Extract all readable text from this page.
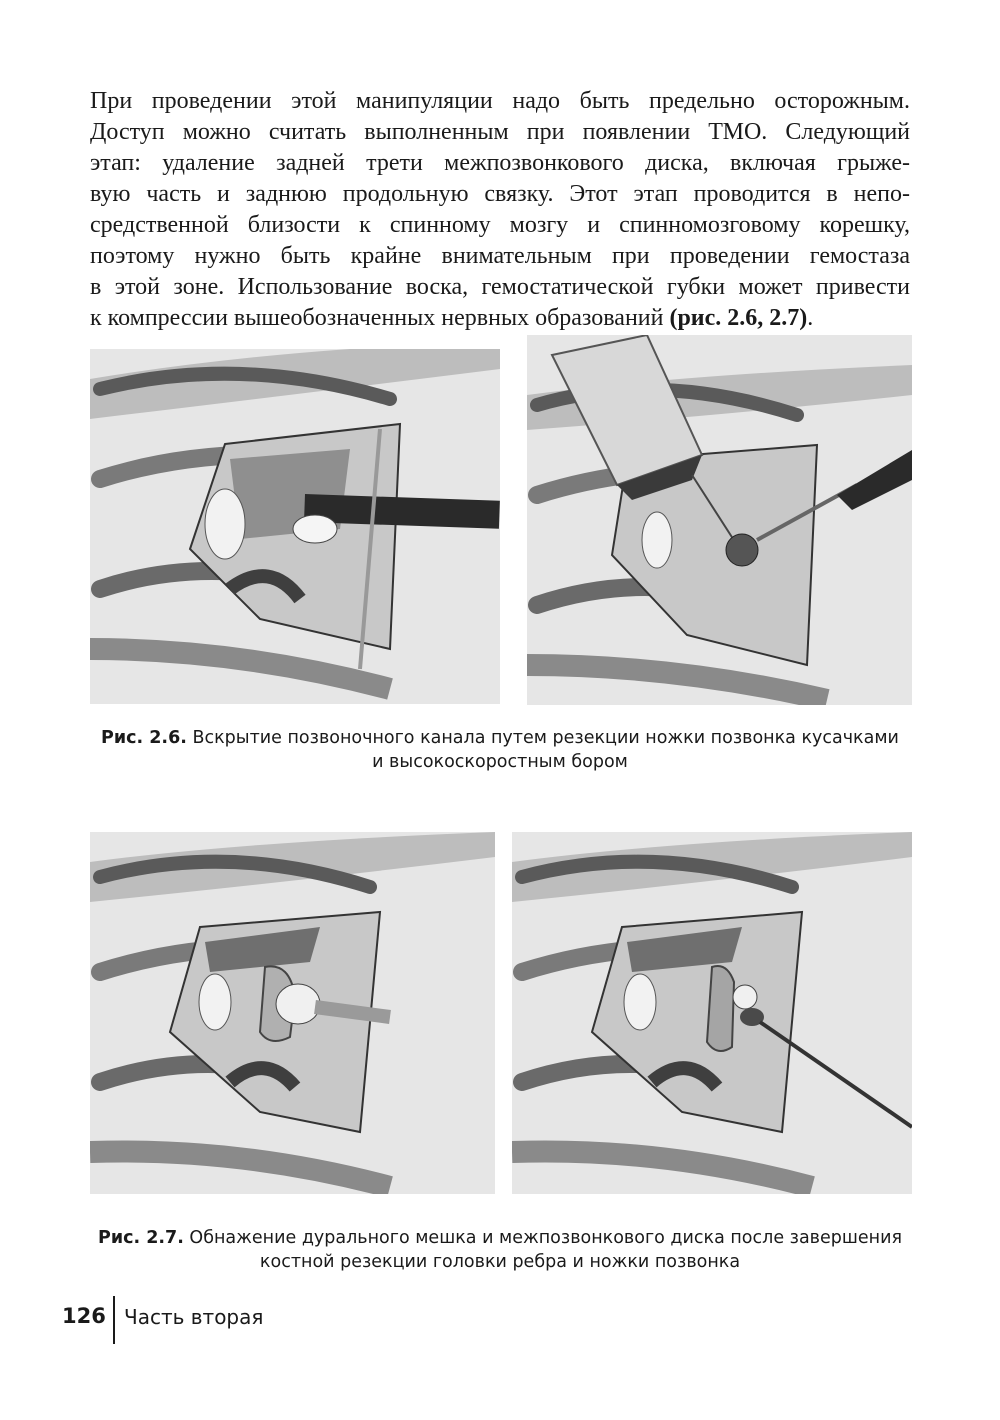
При проведении этой манипуляции надо быть предельно осторожным.
Доступ можно считать выполненным при появлении ТМО. Следующий
этап: удаление задней трети межпозвонкового диска, включая грыже-
вую часть и заднюю продольную связку. Этот этап проводится в непо-
средственной близости к спинному мозгу и спинномозговому корешку,
поэтому нужно быть крайне внимательным при проведении гемостаза
в этой зоне. Использование воска, гемостатической губки может привести
к компрессии вышеобозначенных нервных образований (рис. 2.6, 2.7).
Рис. 2.6. Вскрытие позвоночного канала путем резекции ножки позвонка кусачками
и высокоскоростным бором
Рис. 2.7. Обнажение дурального мешка и межпозвонкового диска после завершения
костной резекции головки ребра и ножки позвонка
126 Часть вторая
